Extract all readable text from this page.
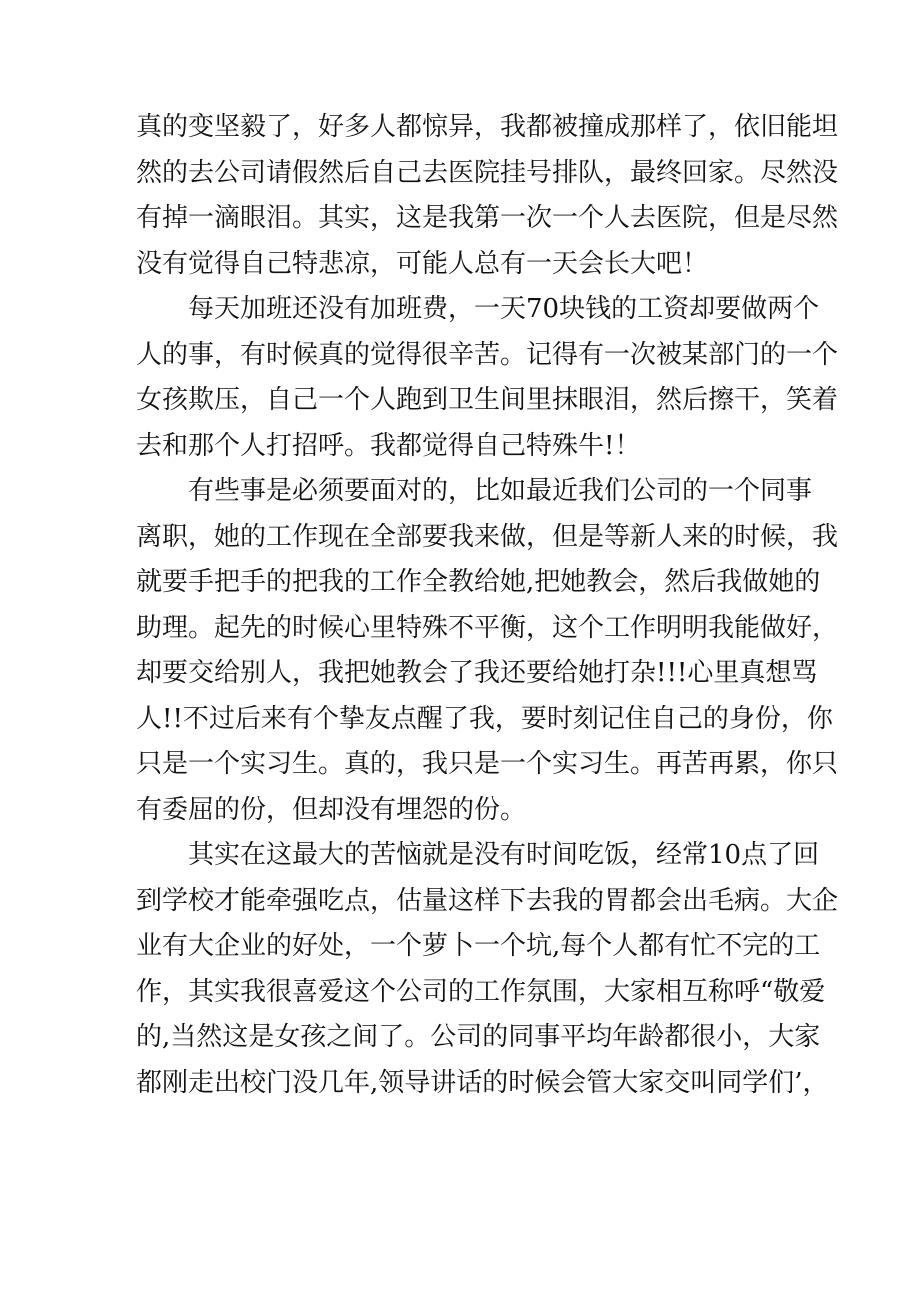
真的变坚毅了，好多人都惊异，我都被撞成那样了，依旧能坦
然的去公司请假然后自己去医院挂号排队，最终回家。尽然没
有掉一滴眼泪。其实，这是我第一次一个人去医院，但是尽然
没有觉得自己特悲凉，可能人总有一天会长大吧！
每天加班还没有加班费，一天70块钱的工资却要做两个
人的事，有时候真的觉得很辛苦。记得有一次被某部门的一个
女孩欺压，自己一个人跑到卫生间里抹眼泪，然后擦干，笑着
去和那个人打招呼。我都觉得自己特殊牛!！
有些事是必须要面对的，比如最近我们公司的一个同事
离职，她的工作现在全部要我来做，但是等新人来的时候，我
就要手把手的把我的工作全教给她,把她教会，然后我做她的
助理。起先的时候心里特殊不平衡，这个工作明明我能做好，
却要交给别人，我把她教会了我还要给她打杂!!!心里真想骂
人!!不过后来有个挚友点醒了我，要时刻记住自己的身份，你
只是一个实习生。真的，我只是一个实习生。再苦再累，你只
有委屈的份，但却没有埋怨的份。
其实在这最大的苦恼就是没有时间吃饭，经常10点了回
到学校才能牵强吃点，估量这样下去我的胃都会出毛病。大企
业有大企业的好处，一个萝卜一个坑,每个人都有忙不完的工
作，其实我很喜爱这个公司的工作氛围，大家相互称呼“敬爱
的,当然这是女孩之间了。公司的同事平均年龄都很小，大家
都刚走出校门没几年,领导讲话的时候会管大家交叫同学们’，
